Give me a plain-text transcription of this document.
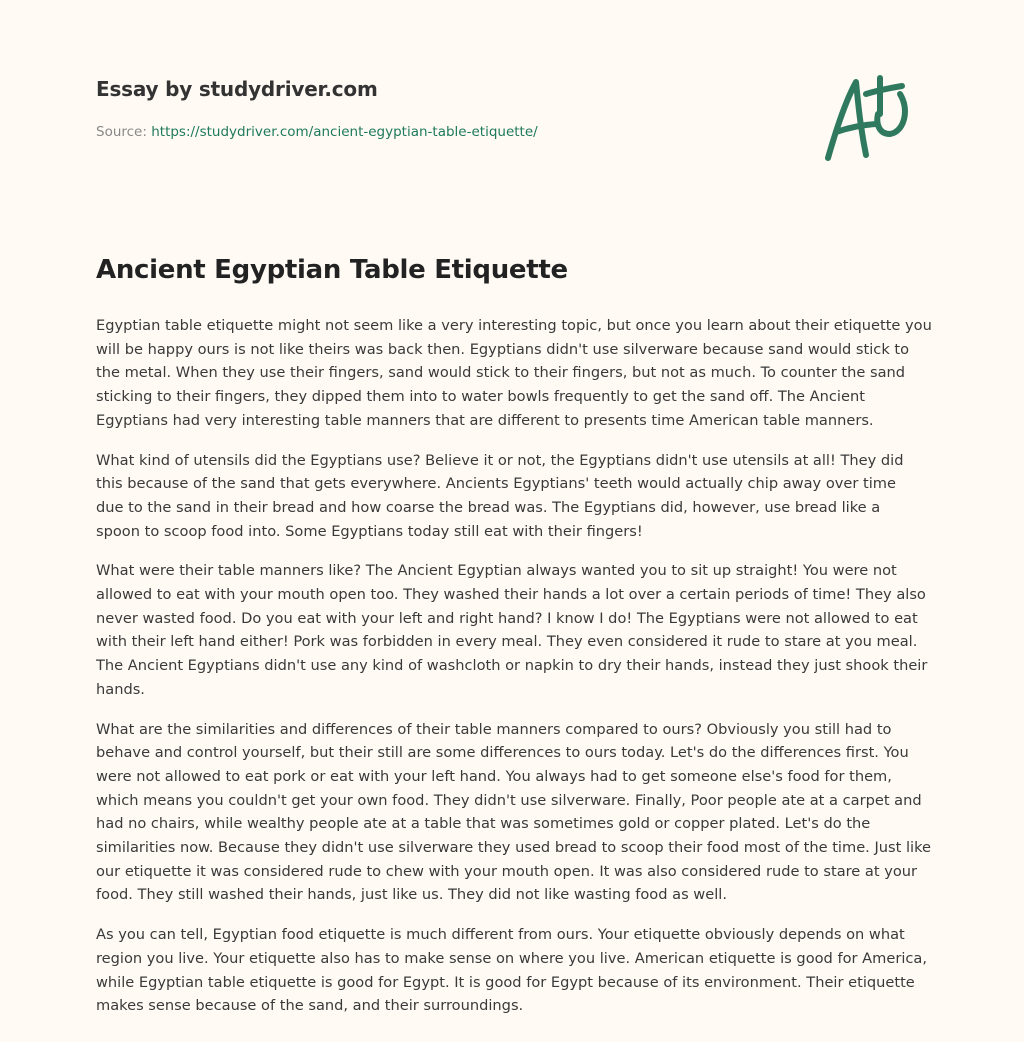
Essay by studydriver.com
Source: https://studydriver.com/ancient-egyptian-table-etiquette/
Ancient Egyptian Table Etiquette

Egyptian table etiquette might not seem like a very interesting topic, but once you learn about their etiquette you
will be happy ours is not like theirs was back then. Egyptians didn't use silverware because sand would stick to
the metal. When they use their fingers, sand would stick to their fingers, but not as much. To counter the sand
sticking to their fingers, they dipped them into to water bowls frequently to get the sand off. The Ancient
Egyptians had very interesting table manners that are different to presents time American table manners.

What kind of utensils did the Egyptians use? Believe it or not, the Egyptians didn't use utensils at all! They did
this because of the sand that gets everywhere. Ancients Egyptians' teeth would actually chip away over time
due to the sand in their bread and how coarse the bread was. The Egyptians did, however, use bread like a
spoon to scoop food into. Some Egyptians today still eat with their fingers!

What were their table manners like? The Ancient Egyptian always wanted you to sit up straight! You were not
allowed to eat with your mouth open too. They washed their hands a lot over a certain periods of time! They also
never wasted food. Do you eat with your left and right hand? I know I do! The Egyptians were not allowed to eat
with their left hand either! Pork was forbidden in every meal. They even considered it rude to stare at you meal.
The Ancient Egyptians didn't use any kind of washcloth or napkin to dry their hands, instead they just shook their
hands.

What are the similarities and differences of their table manners compared to ours? Obviously you still had to
behave and control yourself, but their still are some differences to ours today. Let's do the differences first. You
were not allowed to eat pork or eat with your left hand. You always had to get someone else's food for them,
which means you couldn't get your own food. They didn't use silverware. Finally, Poor people ate at a carpet and
had no chairs, while wealthy people ate at a table that was sometimes gold or copper plated. Let's do the
similarities now. Because they didn't use silverware they used bread to scoop their food most of the time. Just like
our etiquette it was considered rude to chew with your mouth open. It was also considered rude to stare at your
food. They still washed their hands, just like us. They did not like wasting food as well.

As you can tell, Egyptian food etiquette is much different from ours. Your etiquette obviously depends on what
region you live. Your etiquette also has to make sense on where you live. American etiquette is good for America,
while Egyptian table etiquette is good for Egypt. It is good for Egypt because of its environment. Their etiquette
makes sense because of the sand, and their surroundings.
